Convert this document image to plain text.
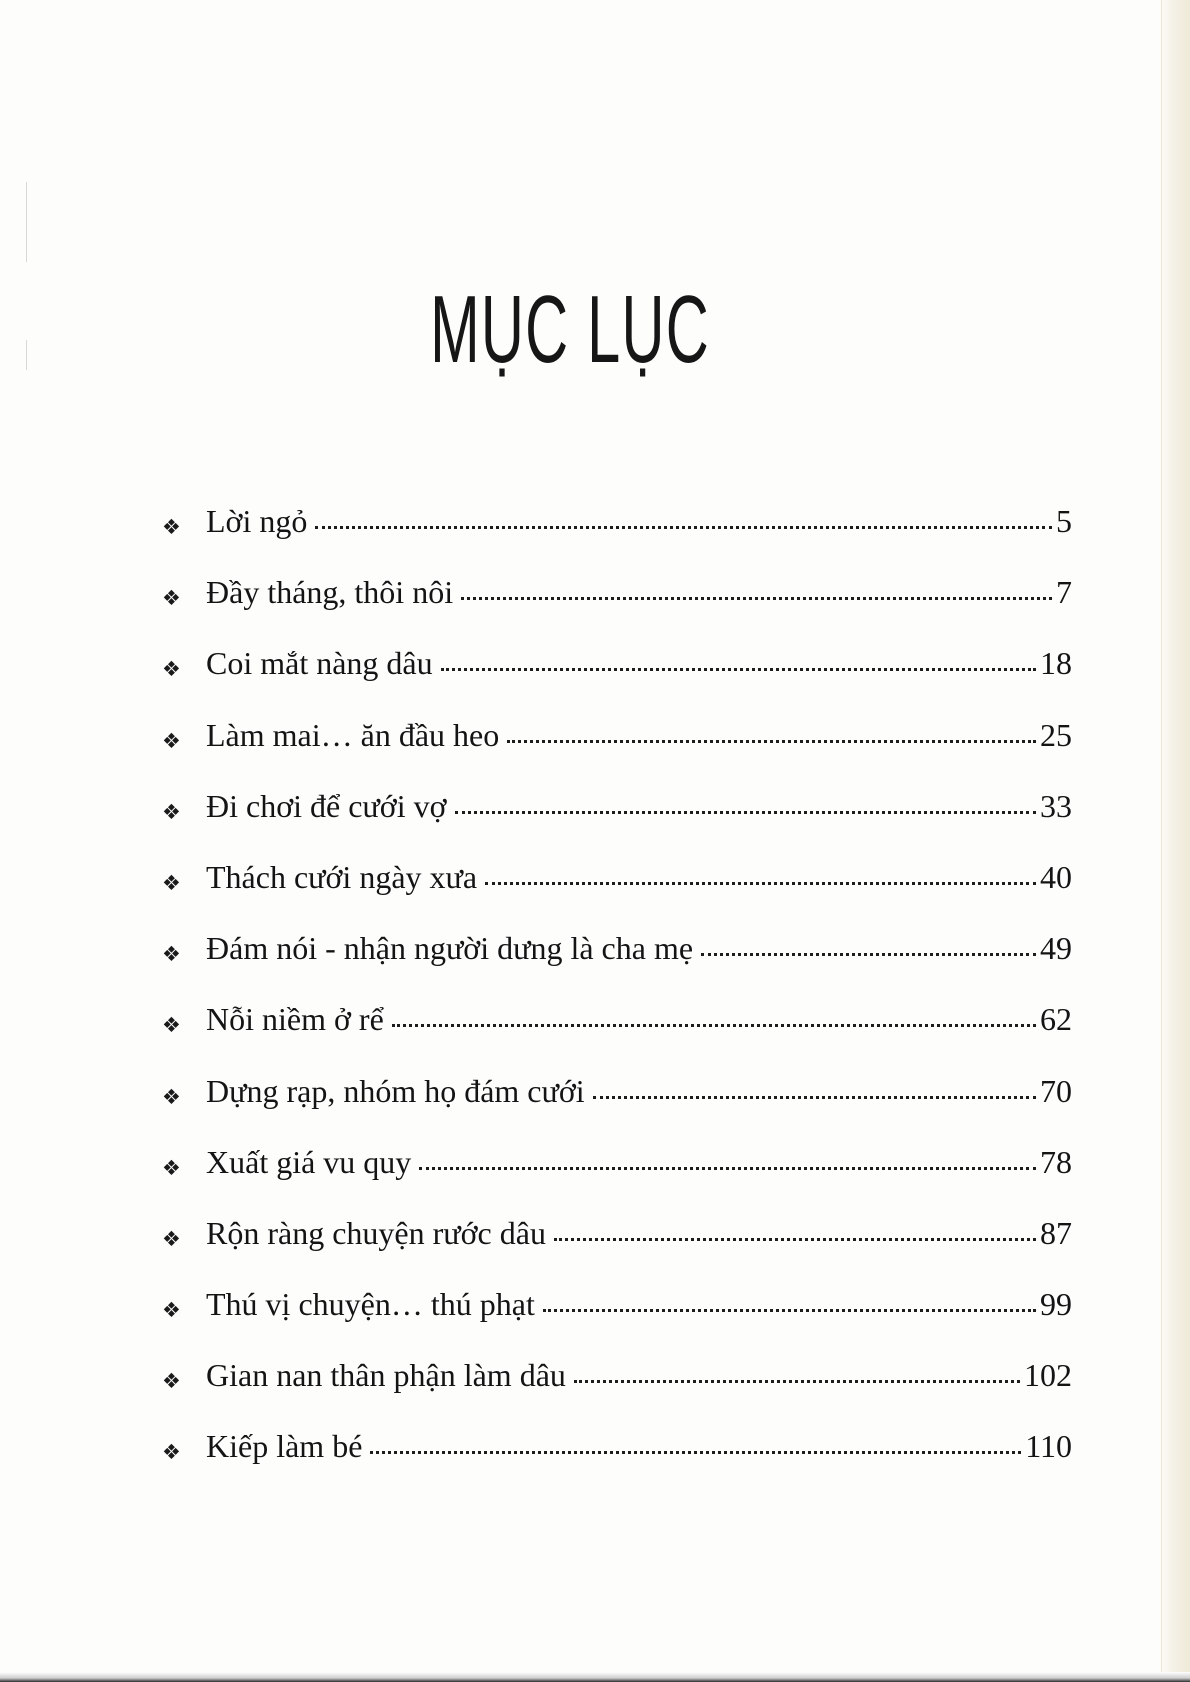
MỤC LỤC
❖ Lời ngỏ	5
❖ Đầy tháng, thôi nôi	7
❖ Coi mắt nàng dâu	18
❖ Làm mai… ăn đầu heo	25
❖ Đi chơi để cưới vợ	33
❖ Thách cưới ngày xưa	40
❖ Đám nói - nhận người dưng là cha mẹ	49
❖ Nỗi niềm ở rể	62
❖ Dựng rạp, nhóm họ đám cưới	70
❖ Xuất giá vu quy	78
❖ Rộn ràng chuyện rước dâu	87
❖ Thú vị chuyện… thú phạt	99
❖ Gian nan thân phận làm dâu	102
❖ Kiếp làm bé	110
